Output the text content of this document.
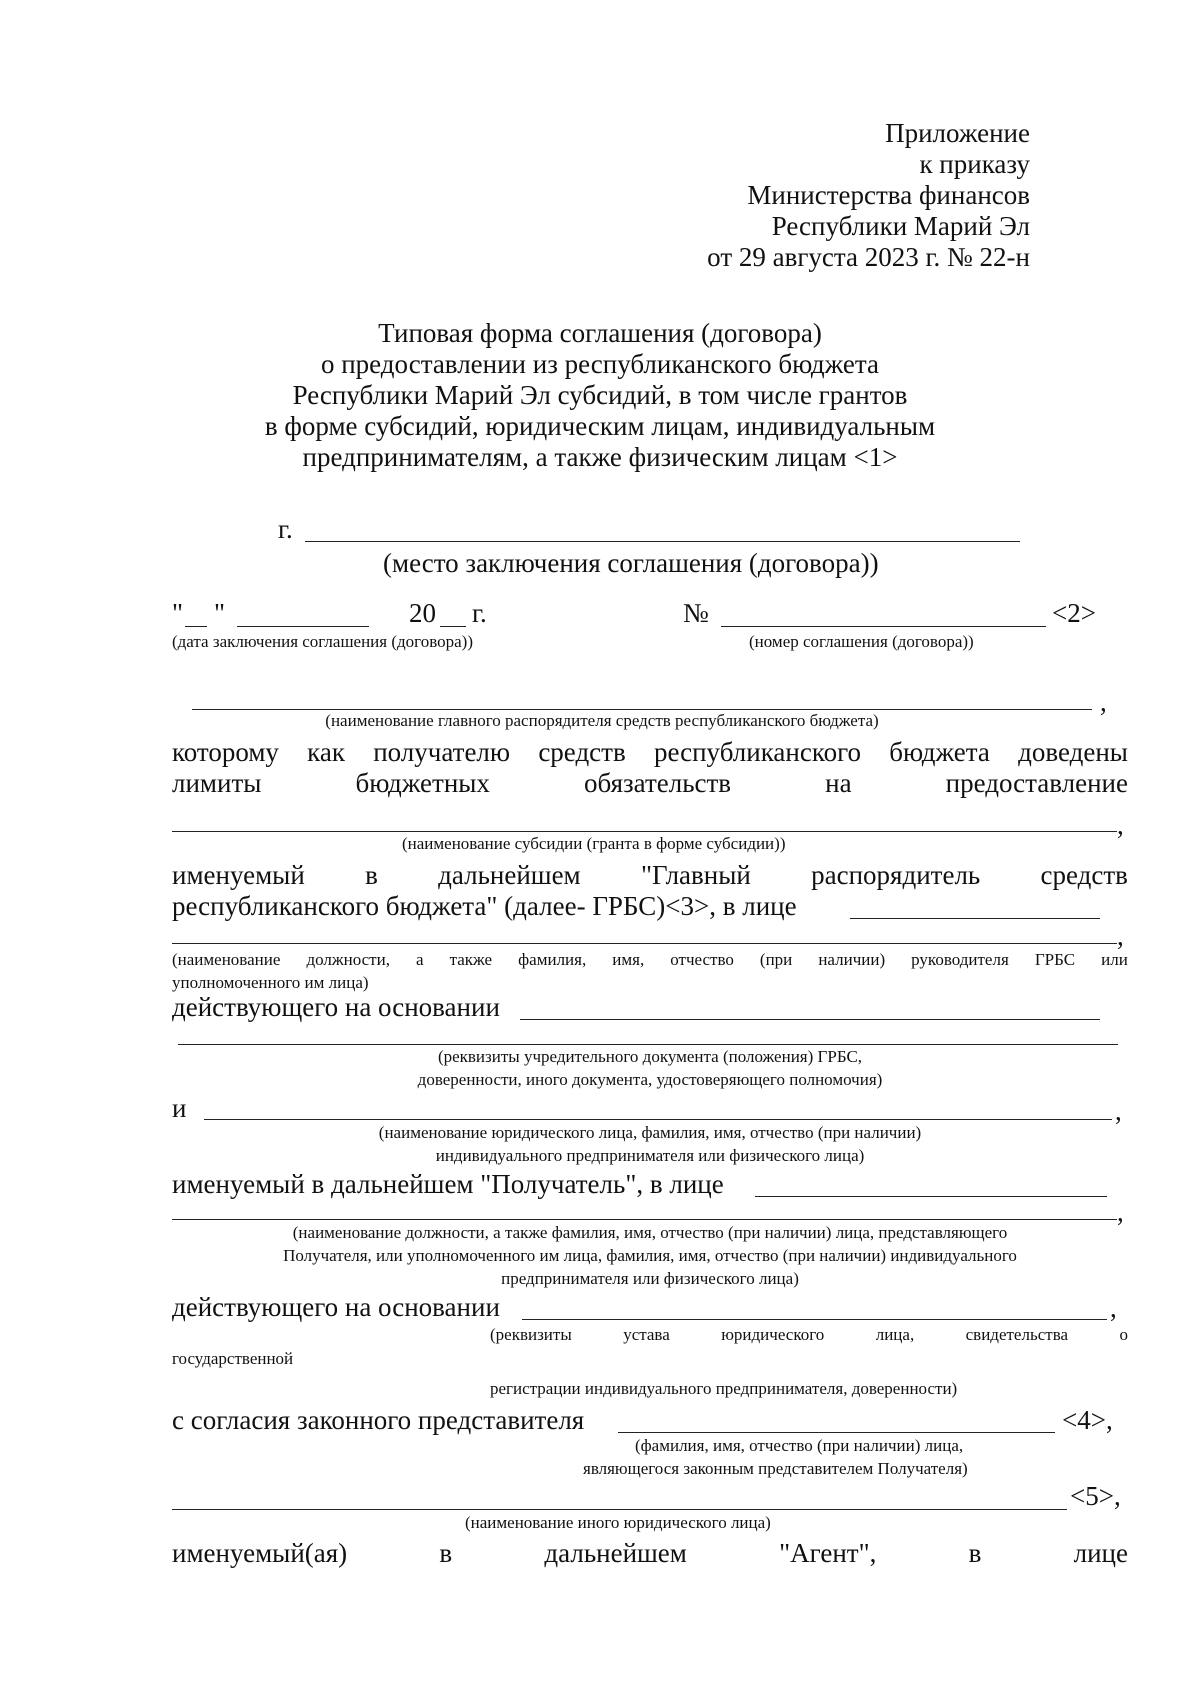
Приложение
к приказу
Министерства финансов
Республики Марий Эл
от 29 августа 2023 г. № 22-н
Типовая форма соглашения (договора)
о предоставлении из республиканского бюджета
Республики Марий Эл субсидий, в том числе грантов
в форме субсидий, юридическим лицам, индивидуальным
предпринимателям, а также физическим лицам <1>
г.
(место заключения соглашения (договора))
" "	20 г.	№	<2>
(дата заключения соглашения (договора))	(номер соглашения (договора))
,
(наименование главного распорядителя средств республиканского бюджета)
которому как получателю средств республиканского бюджета доведены
лимиты	бюджетных	обязательств	на	предоставление
,
(наименование субсидии (гранта в форме субсидии))
именуемый в дальнейшем "Главный распорядитель средств
республиканского бюджета" (далее- ГРБС)<3>, в лице
,
(наименование должности, а также фамилия, имя, отчество (при наличии) руководителя ГРБС или
уполномоченного им лица)
действующего на основании
(реквизиты учредительного документа (положения) ГРБС,
доверенности, иного документа, удостоверяющего полномочия)
и	,
(наименование юридического лица, фамилия, имя, отчество (при наличии)
индивидуального предпринимателя или физического лица)
именуемый в дальнейшем "Получатель", в лице
,
(наименование должности, а также фамилия, имя, отчество (при наличии) лица, представляющего
Получателя, или уполномоченного им лица, фамилия, имя, отчество (при наличии) индивидуального
предпринимателя или физического лица)
действующего на основании	,
(реквизиты	устава	юридического	лица,	свидетельства	о
государственной
регистрации индивидуального предпринимателя, доверенности)
с согласия законного представителя	<4>,
(фамилия, имя, отчество (при наличии) лица,
являющегося законным представителем Получателя)
<5>,
(наименование иного юридического лица)
именуемый(ая)	в	дальнейшем	"Агент",	в	лице
